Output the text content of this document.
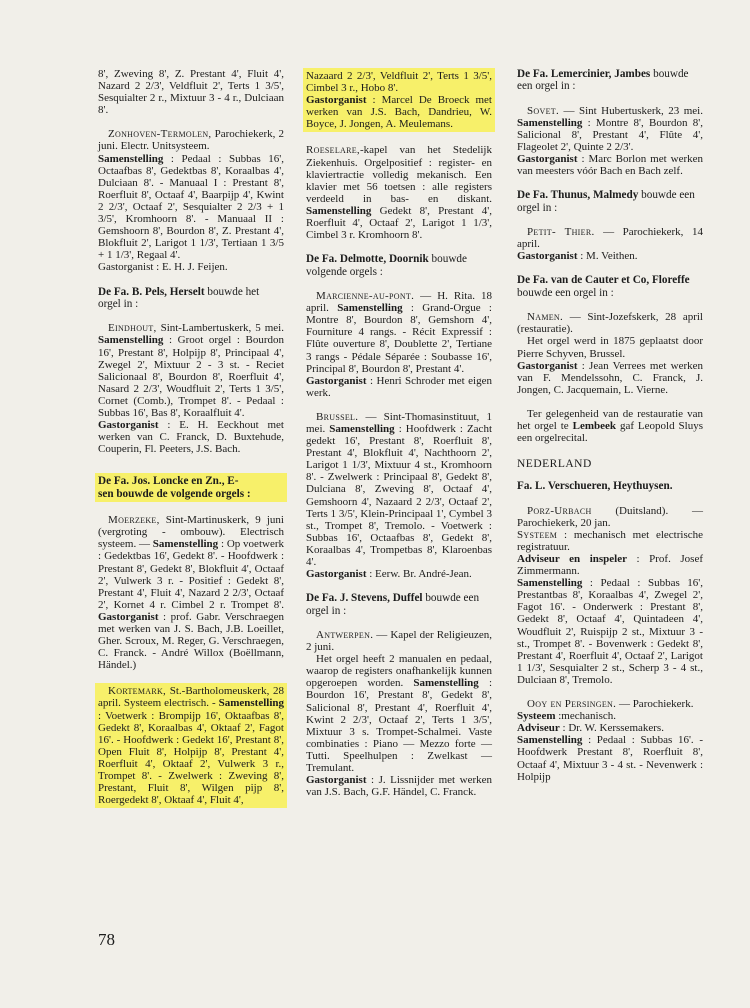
8', Zweving 8', Z. Prestant 4', Fluit 4', Nazard 2 2/3', Veldfluit 2', Terts 1 3/5', Sesquialter 2 r., Mixtuur 3 - 4 r., Dulciaan 8'.

Zonhoven-Termolen, Parochiekerk, 2 juni. Electr. Unitsysteem.
Samenstelling : Pedaal : Subbas 16', Octaafbas 8', Gedektbas 8', Koraalbas 4', Dulciaan 8'. - Manuaal I : Prestant 8', Roerfluit 8', Octaaf 4', Baarpijp 4', Kwint 2 2/3', Octaaf 2', Sesquialter 2 2/3 + 1 3/5', Kromhoorn 8'. - Manuaal II : Gemshoorn 8', Bourdon 8', Z. Prestant 4', Blokfluit 2', Larigot 1 1/3', Tertiaan 1 3/5 + 1 1/3', Regaal 4'.
Gastorganist : E. H. J. Feijen.

De Fa. B. Pels, Herselt bouwde het orgel in :

Eindhout, Sint-Lambertuskerk, 5 mei. Samenstelling : Groot orgel : Bourdon 16', Prestant 8', Holpijp 8', Principaal 4', Zwegel 2', Mixtuur 2 - 3 st. - Reciet Salicionaal 8', Bourdon 8', Roerfluit 4', Nasard 2 2/3', Woudfluit 2', Terts 1 3/5', Cornet (Comb.), Trompet 8'. - Pedaal : Subbas 16', Bas 8', Koraalfluit 4'.
Gastorganist : E. H. Eeckhout met werken van C. Franck, D. Buxtehude, Couperin, Fl. Peeters, J.S. Bach.

De Fa. Jos. Loncke en Zn., E-
sen bouwde de volgende orgels :

Moerzeke, Sint-Martinuskerk, 9 juni (vergroting - ombouw). Electrisch systeem. — Samenstelling : Op voetwerk : Gedektbas 16', Gedekt 8'. - Hoofdwerk : Prestant 8', Gedekt 8', Blokfluit 4', Octaaf 2', Vulwerk 3 r. - Positief : Gedekt 8', Prestant 4', Fluit 4', Nazard 2 2/3', Octaaf 2', Kornet 4 r. Cimbel 2 r. Trompet 8'. Gastorganist : prof. Gabr. Verschraegen met werken van J. S. Bach, J.B. Loeillet, Gher. Scroux, M. Reger, G. Verschraegen, C. Franck. - André Willox (Boëllmann, Händel.)

Kortemark, St.-Bartholomeuskerk, 28 april. Systeem electrisch. - Samenstelling : Voetwerk : Brompijp 16', Oktaafbas 8', Gedekt 8', Koraalbas 4', Oktaaf 2', Fagot 16'. - Hoofdwerk : Gedekt 16', Prestant 8', Open Fluit 8', Holpijp 8', Prestant 4', Roerfluit 4', Oktaaf 2', Vulwerk 3 r., Trompet 8'. - Zwelwerk : Zweving 8', Prestant, Fluit 8', Wilgen pijp 8', Roergedekt 8', Oktaaf 4', Fluit 4',

Nazaard 2 2/3', Veldfluit 2', Terts 1 3/5', Cimbel 3 r., Hobo 8'.
Gastorganist : Marcel De Broeck met werken van J.S. Bach, Dandrieu, W. Boyce, J. Jongen, A. Meulemans.

Roeselare,-kapel van het Stedelijk Ziekenhuis. Orgelpositief : register- en klaviertractie volledig mekanisch. Een klavier met 56 toetsen : alle registers verdeeld in bas- en diskant. Samenstelling Gedekt 8', Prestant 4', Roerfluit 4', Octaaf 2', Larigot 1 1/3', Cimbel 3 r. Kromhoorn 8'.

De Fa. Delmotte, Doornik bouwde volgende orgels :

Marcienne-au-pont. — H. Rita. 18 april. Samenstelling : Grand-Orgue : Montre 8', Bourdon 8', Gemshorn 4', Fourniture 4 rangs. - Récit Expressif : Flûte ouverture 8', Doublette 2', Tertiane 3 rangs - Pédale Séparée : Soubasse 16', Principal 8', Bourdon 8', Prestant 4'.
Gastorganist : Henri Schroder met eigen werk.

Brussel. — Sint-Thomasinstituut, 1 mei. Samenstelling : Hoofdwerk : Zacht gedekt 16', Prestant 8', Roerfluit 8', Prestant 4', Blokfluit 4', Nachthoorn 2', Larigot 1 1/3', Mixtuur 4 st., Kromhoorn 8'. - Zwelwerk : Principaal 8', Gedekt 8', Dulciana 8', Zweving 8', Octaaf 4', Gemshoorn 4', Nazaard 2 2/3', Octaaf 2', Terts 1 3/5', Klein-Principaal 1', Cymbel 3 st., Trompet 8', Tremolo. - Voetwerk : Subbas 16', Octaafbas 8', Gedekt 8', Koraalbas 4', Trompetbas 8', Klaroenbas 4'.
Gastorganist : Eerw. Br. André-Jean.

De Fa. J. Stevens, Duffel bouwde een orgel in :

Antwerpen. — Kapel der Religieuzen, 2 juni.

Het orgel heeft 2 manualen en pedaal, waarop de registers onafhankelijk kunnen opgeroepen worden. Samenstelling : Bourdon 16', Prestant 8', Gedekt 8', Salicional 8', Prestant 4', Roerfluit 4', Kwint 2 2/3', Octaaf 2', Terts 1 3/5', Mixtuur 3 s. Trompet-Schalmei. Vaste combinaties : Piano — Mezzo forte — Tutti. Speelhulpen : Zwelkast — Tremulant.
Gastorganist : J. Lissnijder met werken van J.S. Bach, G.F. Händel, C. Franck.

De Fa. Lemercinier, Jambes bouwde een orgel in :

Sovet. — Sint Hubertuskerk, 23 mei. Samenstelling : Montre 8', Bourdon 8', Salicional 8', Prestant 4', Flûte 4', Flageolet 2', Quinte 2 2/3'.
Gastorganist : Marc Borlon met werken van meesters vóór Bach en Bach zelf.

De Fa. Thunus, Malmedy bouwde een orgel in :

Petit- Thier. — Parochiekerk, 14 april.
Gastorganist : M. Veithen.

De Fa. van de Cauter et Co, Floreffe bouwde een orgel in :

Namen. — Sint-Jozefskerk, 28 april (restauratie).

Het orgel werd in 1875 geplaatst door Pierre Schyven, Brussel.

Gastorganist : Jean Verrees met werken van F. Mendelssohn, C. Franck, J. Jongen, C. Jacquemain, L. Vierne.

Ter gelegenheid van de restauratie van het orgel te Lembeek gaf Leopold Sluys een orgelrecital.

NEDERLAND

Fa. L. Verschueren, Heythuysen.

Porz-Urbach (Duitsland). — Parochiekerk, 20 jan.
Systeem : mechanisch met electrische registratuur.
Adviseur en inspeler : Prof. Josef Zimmermann.
Samenstelling : Pedaal : Subbas 16', Prestantbas 8', Koraalbas 4', Zwegel 2', Fagot 16'. - Onderwerk : Prestant 8', Gedekt 8', Octaaf 4', Quintadeen 4', Woudfluit 2', Ruispijp 2 st., Mixtuur 3 - st., Trompet 8'. - Bovenwerk : Gedekt 8', Prestant 4', Roerfluit 4', Octaaf 2', Larigot 1 1/3', Sesquialter 2 st., Scherp 3 - 4 st., Dulciaan 8', Tremolo.

Ooy en Persingen. — Parochiekerk.
Systeem :mechanisch.
Adviseur : Dr. W. Kerssemakers.
Samenstelling : Pedaal : Subbas 16'. - Hoofdwerk Prestant 8', Roerfluit 8', Octaaf 4', Mixtuur 3 - 4 st. - Nevenwerk : Holpijp

78
